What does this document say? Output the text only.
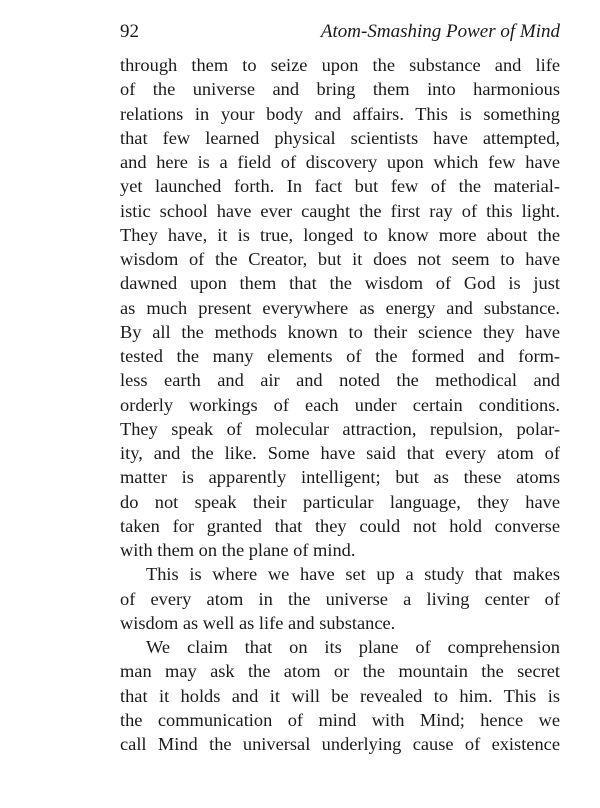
92	Atom-Smashing Power of Mind
through them to seize upon the substance and life
of the universe and bring them into harmonious
relations in your body and affairs. This is something
that few learned physical scientists have attempted,
and here is a field of discovery upon which few have
yet launched forth. In fact but few of the material-
istic school have ever caught the first ray of this light.
They have, it is true, longed to know more about the
wisdom of the Creator, but it does not seem to have
dawned upon them that the wisdom of God is just
as much present everywhere as energy and substance.
By all the methods known to their science they have
tested the many elements of the formed and form-
less earth and air and noted the methodical and
orderly workings of each under certain conditions.
They speak of molecular attraction, repulsion, polar-
ity, and the like. Some have said that every atom of
matter is apparently intelligent; but as these atoms
do not speak their particular language, they have
taken for granted that they could not hold converse
with them on the plane of mind.
This is where we have set up a study that makes
of every atom in the universe a living center of
wisdom as well as life and substance.
We claim that on its plane of comprehension
man may ask the atom or the mountain the secret
that it holds and it will be revealed to him. This is
the communication of mind with Mind; hence we
call Mind the universal underlying cause of existence
